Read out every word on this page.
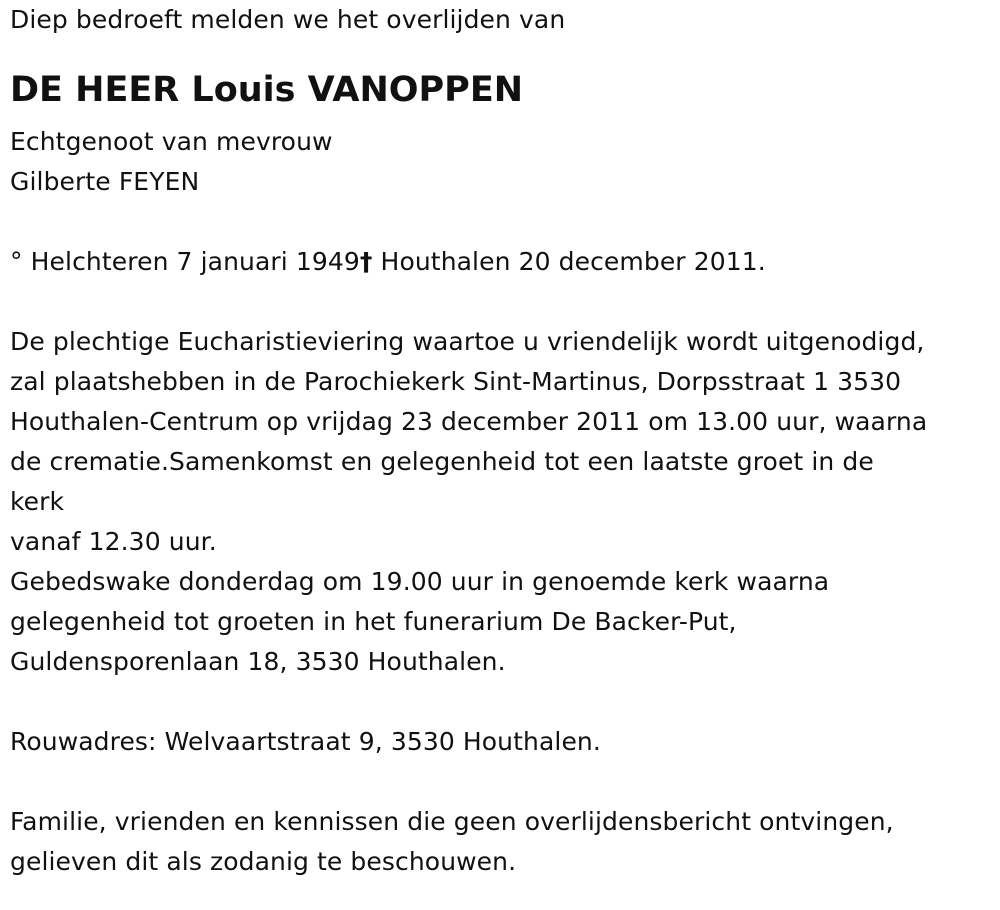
Diep bedroeft melden we het overlijden van
DE HEER Louis VANOPPEN
Echtgenoot van mevrouw
Gilberte FEYEN
° Helchteren 7 januari 1949† Houthalen 20 december 2011.
De plechtige Eucharistieviering waartoe u vriendelijk wordt uitgenodigd,
zal plaatshebben in de Parochiekerk Sint-Martinus, Dorpsstraat 1 3530
Houthalen-Centrum op vrijdag 23 december 2011 om 13.00 uur, waarna
de crematie.Samenkomst en gelegenheid tot een laatste groet in de
kerk
vanaf 12.30 uur.
Gebedswake donderdag om 19.00 uur in genoemde kerk waarna
gelegenheid tot groeten in het funerarium De Backer-Put,
Guldensporenlaan 18, 3530 Houthalen.
Rouwadres: Welvaartstraat 9, 3530 Houthalen.
Familie, vrienden en kennissen die geen overlijdensbericht ontvingen,
gelieven dit als zodanig te beschouwen.
